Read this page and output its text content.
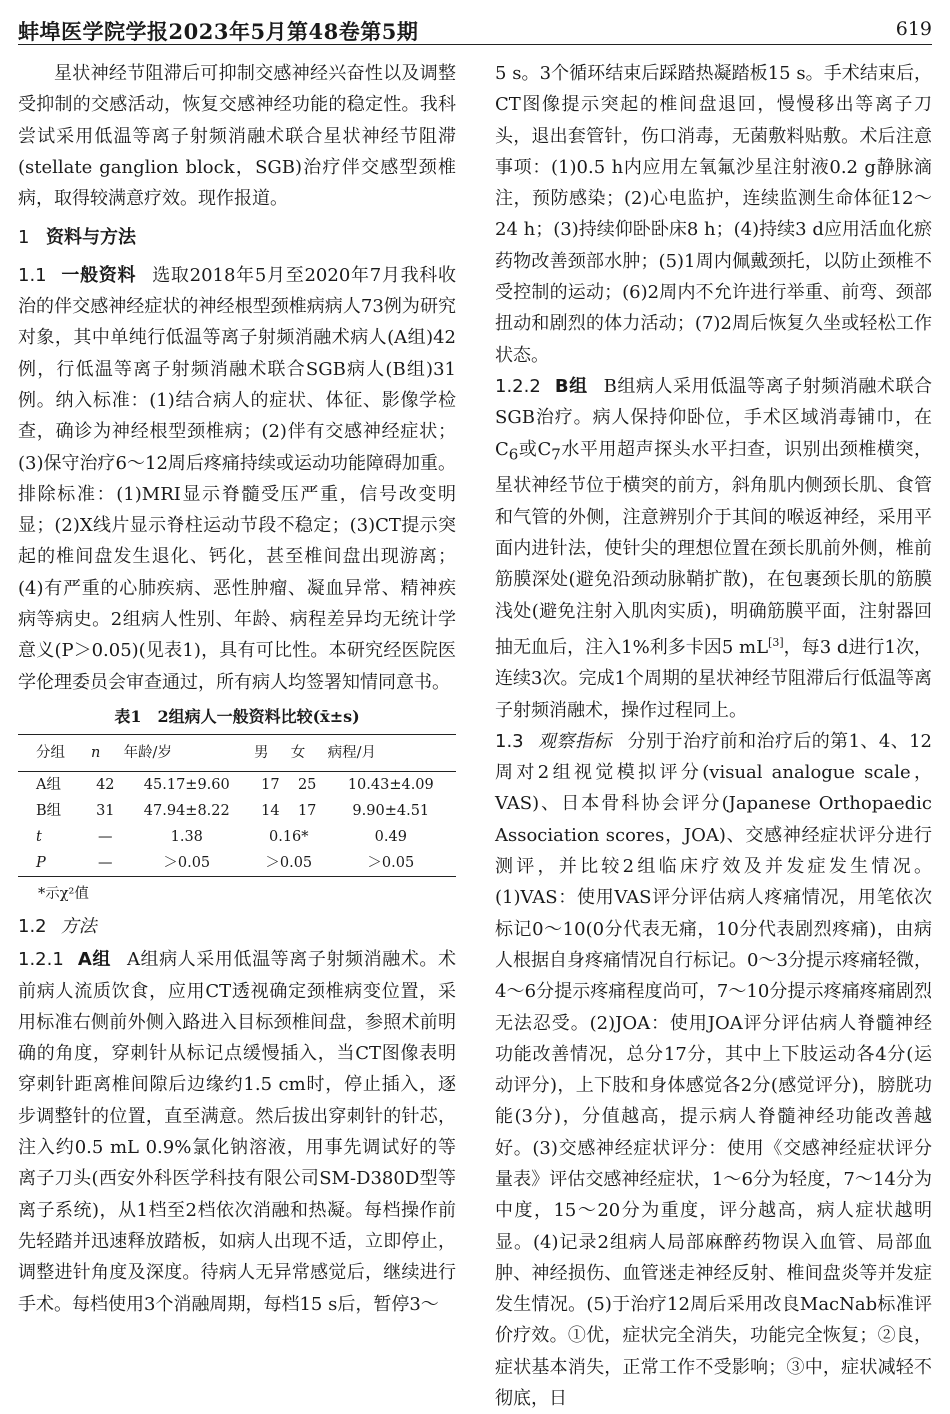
蚌埠医学院学报2023年5月第48卷第5期	619

星状神经节阻滞后可抑制交感神经兴奋性以及调整受抑制的交感活动，恢复交感神经功能的稳定性。我科尝试采用低温等离子射频消融术联合星状神经节阻滞(stellate ganglion block，SGB)治疗伴交感型颈椎病，取得较满意疗效。现作报道。

1 资料与方法

1.1 一般资料 选取2018年5月至2020年7月我科收治的伴交感神经症状的神经根型颈椎病病人73例为研究对象，其中单纯行低温等离子射频消融术病人(A组)42例，行低温等离子射频消融术联合SGB病人(B组)31例。纳入标准：(1)结合病人的症状、体征、影像学检查，确诊为神经根型颈椎病；(2)伴有交感神经症状；(3)保守治疗6～12周后疼痛持续或运动功能障碍加重。排除标准：(1)MRI显示脊髓受压严重，信号改变明显；(2)X线片显示脊柱运动节段不稳定；(3)CT提示突起的椎间盘发生退化、钙化，甚至椎间盘出现游离；(4)有严重的心肺疾病、恶性肿瘤、凝血异常、精神疾病等病史。2组病人性别、年龄、病程差异均无统计学意义(P＞0.05)(见表1)，具有可比性。本研究经医院医学伦理委员会审查通过，所有病人均签署知情同意书。

表1　2组病人一般资料比较(x̄±s)
分组	n	年龄/岁	男	女	病程/月
A组	42	45.17±9.60	17	25	10.43±4.09
B组	31	47.94±8.22	14	17	9.90±4.51
t	—	1.38	0.16*		0.49
P	—	＞0.05	＞0.05		＞0.05
*示χ²值
1.2 方法

1.2.1 A组 A组病人采用低温等离子射频消融术。术前病人流质饮食，应用CT透视确定颈椎病变位置，采用标准右侧前外侧入路进入目标颈椎间盘，参照术前明确的角度，穿刺针从标记点缓慢插入，当CT图像表明穿刺针距离椎间隙后边缘约1.5 cm时，停止插入，逐步调整针的位置，直至满意。然后拔出穿刺针的针芯，注入约0.5 mL 0.9%氯化钠溶液，用事先调试好的等离子刀头(西安外科医学科技有限公司SM-D380D型等离子系统)，从1档至2档依次消融和热凝。每档操作前先轻踏并迅速释放踏板，如病人出现不适，立即停止，调整进针角度及深度。待病人无异常感觉后，继续进行手术。每档使用3个消融周期，每档15 s后，暂停3～

5 s。3个循环结束后踩踏热凝踏板15 s。手术结束后，CT图像提示突起的椎间盘退回，慢慢移出等离子刀头，退出套管针，伤口消毒，无菌敷料贴敷。术后注意事项：(1)0.5 h内应用左氧氟沙星注射液0.2 g静脉滴注，预防感染；(2)心电监护，连续监测生命体征12～24 h；(3)持续仰卧卧床8 h；(4)持续3 d应用活血化瘀药物改善颈部水肿；(5)1周内佩戴颈托，以防止颈椎不受控制的运动；(6)2周内不允许进行举重、前弯、颈部扭动和剧烈的体力活动；(7)2周后恢复久坐或轻松工作状态。

1.2.2 B组 B组病人采用低温等离子射频消融术联合SGB治疗。病人保持仰卧位，手术区域消毒铺巾，在$C_6$或$C_7$水平用超声探头水平扫查，识别出颈椎横突，星状神经节位于横突的前方，斜角肌内侧颈长肌、食管和气管的外侧，注意辨别介于其间的喉返神经，采用平面内进针法，使针尖的理想位置在颈长肌前外侧，椎前筋膜深处(避免沿颈动脉鞘扩散)，在包裹颈长肌的筋膜浅处(避免注射入肌肉实质)，明确筋膜平面，注射器回抽无血后，注入1%利多卡因5 mL[3]，每3 d进行1次，连续3次。完成1个周期的星状神经节阻滞后行低温等离子射频消融术，操作过程同上。

1.3 观察指标 分别于治疗前和治疗后的第1、4、12周对2组视觉模拟评分(visual analogue scale，VAS)、日本骨科协会评分(Japanese Orthopaedic Association scores，JOA)、交感神经症状评分进行测评，并比较2组临床疗效及并发症发生情况。(1)VAS：使用VAS评分评估病人疼痛情况，用笔依次标记0～10(0分代表无痛，10分代表剧烈疼痛)，由病人根据自身疼痛情况自行标记。0～3分提示疼痛轻微，4～6分提示疼痛程度尚可，7～10分提示疼痛疼痛剧烈无法忍受。(2)JOA：使用JOA评分评估病人脊髓神经功能改善情况，总分17分，其中上下肢运动各4分(运动评分)，上下肢和身体感觉各2分(感觉评分)，膀胱功能(3分)，分值越高，提示病人脊髓神经功能改善越好。(3)交感神经症状评分：使用《交感神经症状评分量表》评估交感神经症状，1～6分为轻度，7～14分为中度，15～20分为重度，评分越高，病人症状越明显。(4)记录2组病人局部麻醉药物误入血管、局部血肿、神经损伤、血管迷走神经反射、椎间盘炎等并发症发生情况。(5)于治疗12周后采用改良MacNab标准评价疗效。①优，症状完全消失，功能完全恢复；②良，症状基本消失，正常工作不受影响；③中，症状减轻不彻底，日
